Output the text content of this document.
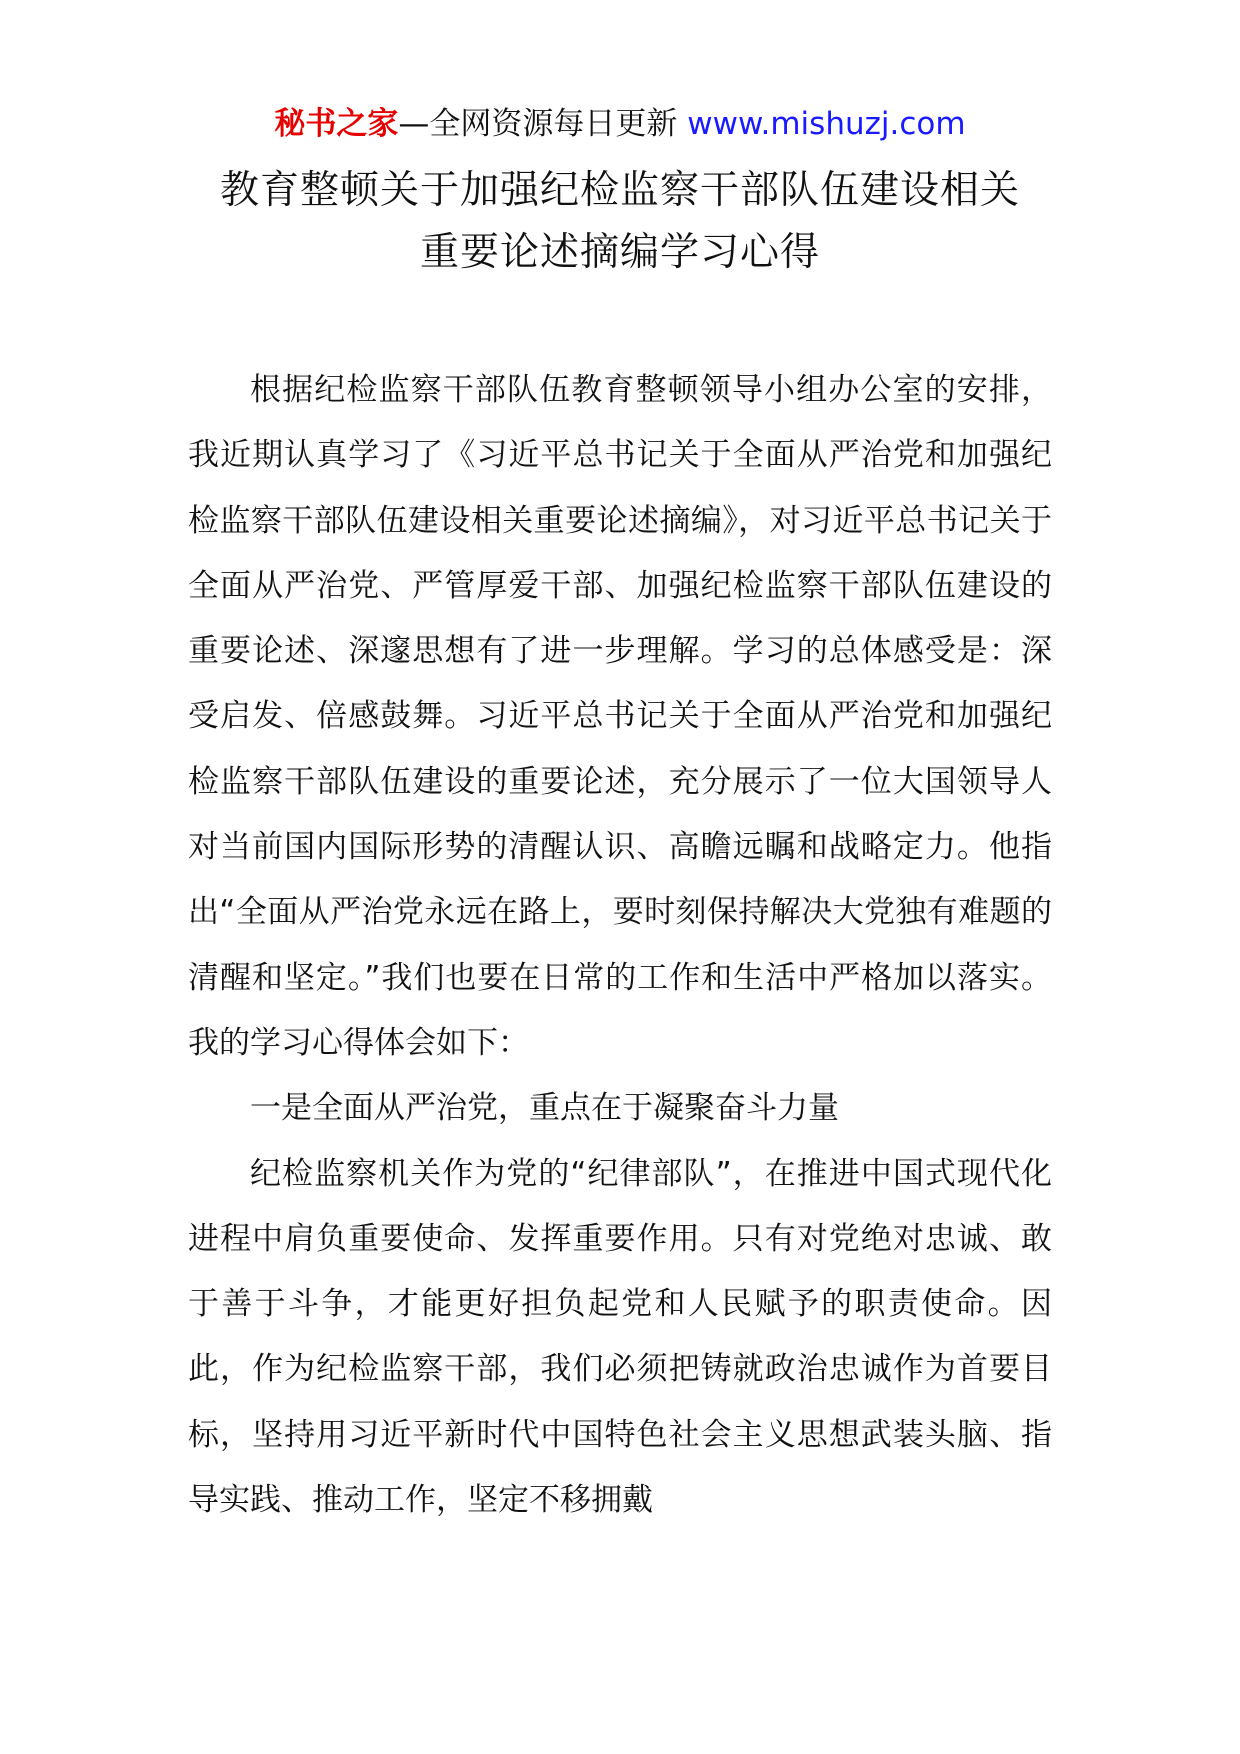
秘书之家—全网资源每日更新 www.mishuzj.com
教育整顿关于加强纪检监察干部队伍建设相关
重要论述摘编学习心得

根据纪检监察干部队伍教育整顿领导小组办公室的安排，我近期认真学习了《习近平总书记关于全面从严治党和加强纪检监察干部队伍建设相关重要论述摘编》，对习近平总书记关于全面从严治党、严管厚爱干部、加强纪检监察干部队伍建设的重要论述、深邃思想有了进一步理解。学习的总体感受是：深受启发、倍感鼓舞。习近平总书记关于全面从严治党和加强纪检监察干部队伍建设的重要论述，充分展示了一位大国领导人对当前国内国际形势的清醒认识、高瞻远瞩和战略定力。他指出“全面从严治党永远在路上，要时刻保持解决大党独有难题的清醒和坚定。”我们也要在日常的工作和生活中严格加以落实。我的学习心得体会如下：

一是全面从严治党，重点在于凝聚奋斗力量

纪检监察机关作为党的“纪律部队”，在推进中国式现代化进程中肩负重要使命、发挥重要作用。只有对党绝对忠诚、敢于善于斗争，才能更好担负起党和人民赋予的职责使命。因此，作为纪检监察干部，我们必须把铸就政治忠诚作为首要目标，坚持用习近平新时代中国特色社会主义思想武装头脑、指导实践、推动工作，坚定不移拥戴
